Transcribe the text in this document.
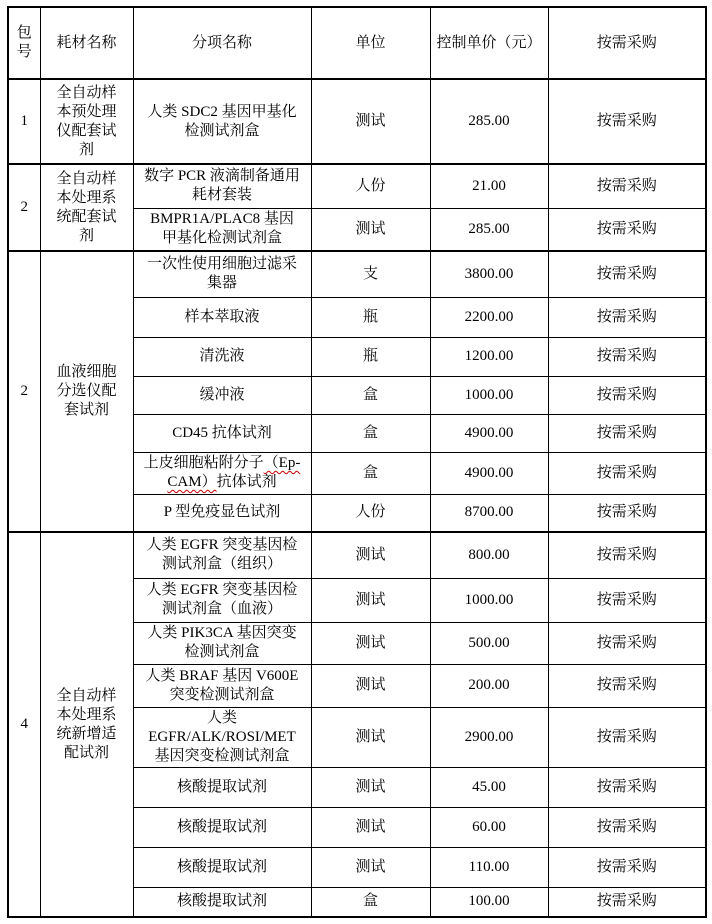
包号	耗材名称	分项名称	单位	控制单价（元）	按需采购
1	全自动样本预处理仪配套试剂	人类 SDC2 基因甲基化检测试剂盒	测试	285.00	按需采购
2	全自动样本处理系统配套试剂	数字 PCR 液滴制备通用耗材套装	人份	21.00	按需采购
		BMPR1A/PLAC8 基因甲基化检测试剂盒	测试	285.00	按需采购
2	血液细胞分选仪配套试剂	一次性使用细胞过滤采集器	支	3800.00	按需采购
		样本萃取液	瓶	2200.00	按需采购
		清洗液	瓶	1200.00	按需采购
		缓冲液	盒	1000.00	按需采购
		CD45 抗体试剂	盒	4900.00	按需采购
		上皮细胞粘附分子（Ep-CAM）抗体试剂	盒	4900.00	按需采购
		P 型免疫显色试剂	人份	8700.00	按需采购
4	全自动样本处理系统新增适配试剂	人类 EGFR 突变基因检测试剂盒（组织）	测试	800.00	按需采购
		人类 EGFR 突变基因检测试剂盒（血液）	测试	1000.00	按需采购
		人类 PIK3CA 基因突变检测试剂盒	测试	500.00	按需采购
		人类 BRAF 基因 V600E 突变检测试剂盒	测试	200.00	按需采购
		人类 EGFR/ALK/ROSI/MET 基因突变检测试剂盒	测试	2900.00	按需采购
		核酸提取试剂	测试	45.00	按需采购
		核酸提取试剂	测试	60.00	按需采购
		核酸提取试剂	测试	110.00	按需采购
		核酸提取试剂	盒	100.00	按需采购
